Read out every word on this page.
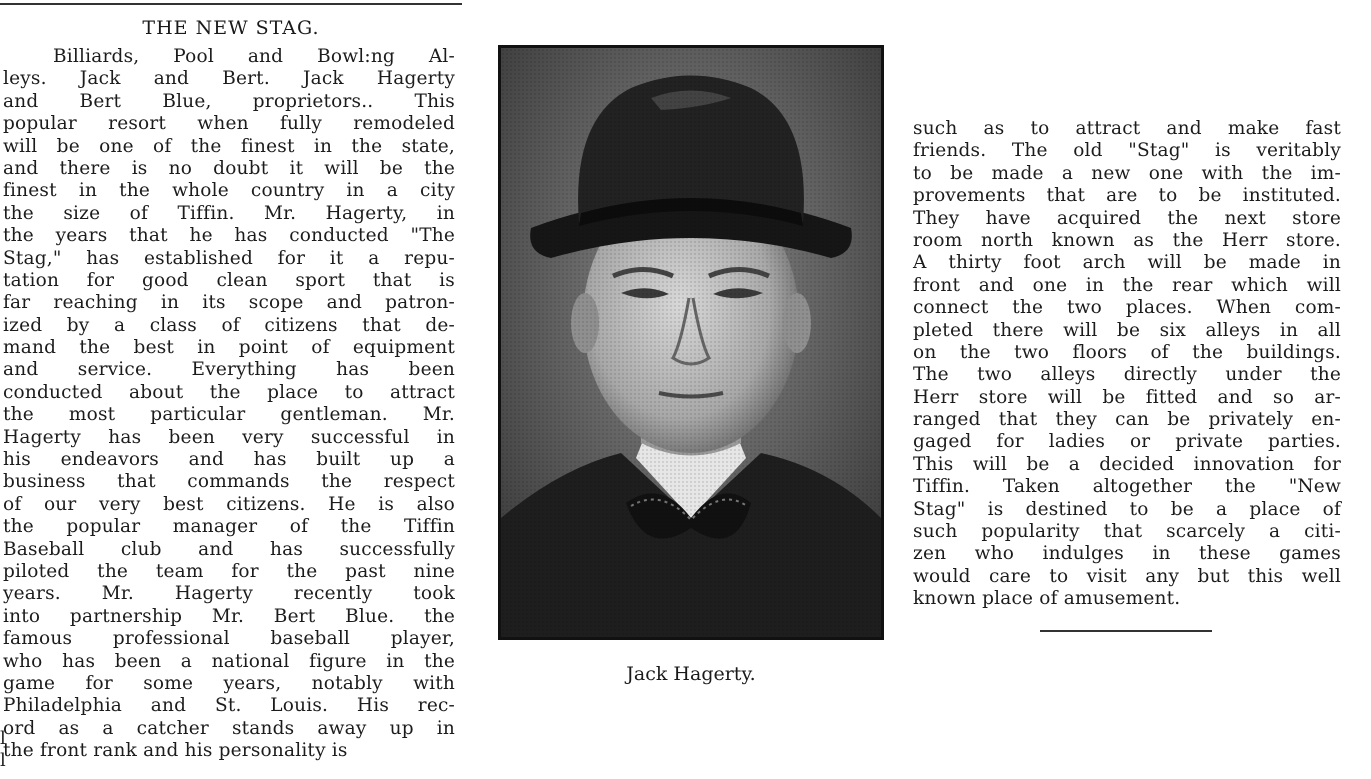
THE NEW STAG.

Billiards, Pool and Bowl:ng Al-
leys. Jack and Bert. Jack Hagerty
and Bert Blue, proprietors.. This
popular resort when fully remodeled
will be one of the finest in the state,
and there is no doubt it will be the
finest in the whole country in a city
the size of Tiffin. Mr. Hagerty, in
the years that he has conducted "The
Stag," has established for it a repu-
tation for good clean sport that is
far reaching in its scope and patron-
ized by a class of citizens that de-
mand the best in point of equipment
and service. Everything has been
conducted about the place to attract
the most particular gentleman. Mr.
Hagerty has been very successful in
his endeavors and has built up a
business that commands the respect
of our very best citizens. He is also
the popular manager of the Tiffin
Baseball club and has successfully
piloted the team for the past nine
years. Mr. Hagerty recently took
into partnership Mr. Bert Blue. the
famous professional baseball player,
who has been a national figure in the
game for some years, notably with
Philadelphia and St. Louis. His rec-
ord as a catcher stands away up in
the front rank and his personality is

Jack Hagerty.

such as to attract and make fast
friends. The old "Stag" is veritably
to be made a new one with the im-
provements that are to be instituted.
They have acquired the next store
room north known as the Herr store.
A thirty foot arch will be made in
front and one in the rear which will
connect the two places. When com-
pleted there will be six alleys in all
on the two floors of the buildings.
The two alleys directly under the
Herr store will be fitted and so ar-
ranged that they can be privately en-
gaged for ladies or private parties.
This will be a decided innovation for
Tiffin. Taken altogether the "New
Stag" is destined to be a place of
such popularity that scarcely a citi-
zen who indulges in these games
would care to visit any but this well
known place of amusement.

l
l
